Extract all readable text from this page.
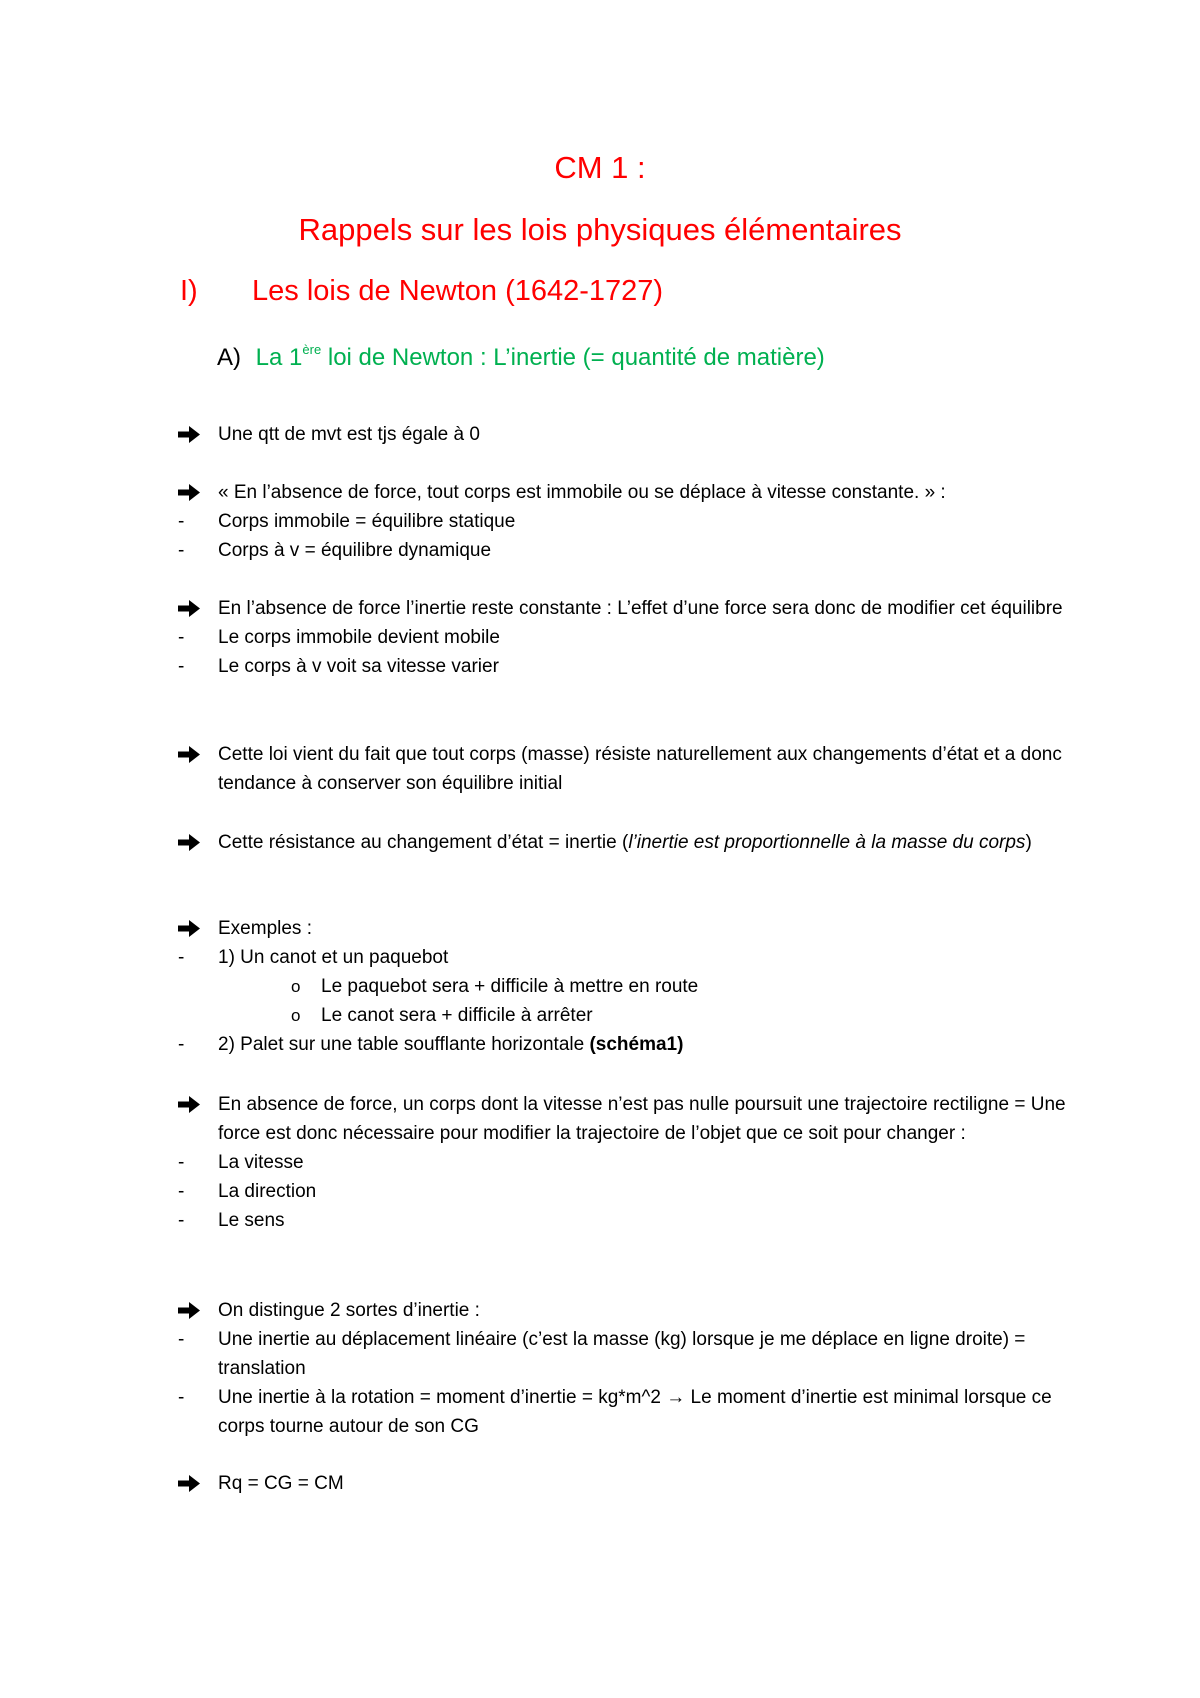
CM 1 :
Rappels sur les lois physiques élémentaires
I) Les lois de Newton (1642-1727)
A) La 1ère loi de Newton : L’inertie (= quantité de matière)
Une qtt de mvt est tjs égale à 0
« En l’absence de force, tout corps est immobile ou se déplace à vitesse constante. » :
- Corps immobile = équilibre statique
- Corps à v = équilibre dynamique
En l’absence de force l’inertie reste constante : L’effet d’une force sera donc de modifier cet équilibre
- Le corps immobile devient mobile
- Le corps à v voit sa vitesse varier
Cette loi vient du fait que tout corps (masse) résiste naturellement aux changements d’état et a donc tendance à conserver son équilibre initial
Cette résistance au changement d’état = inertie (l’inertie est proportionnelle à la masse du corps)
Exemples :
- 1) Un canot et un paquebot
o Le paquebot sera + difficile à mettre en route
o Le canot sera + difficile à arrêter
- 2) Palet sur une table soufflante horizontale (schéma1)
En absence de force, un corps dont la vitesse n’est pas nulle poursuit une trajectoire rectiligne = Une force est donc nécessaire pour modifier la trajectoire de l’objet que ce soit pour changer :
- La vitesse
- La direction
- Le sens
On distingue 2 sortes d’inertie :
- Une inertie au déplacement linéaire (c’est la masse (kg) lorsque je me déplace en ligne droite) = translation
- Une inertie à la rotation = moment d’inertie = kg*m^2 → Le moment d’inertie est minimal lorsque ce corps tourne autour de son CG
Rq = CG = CM
